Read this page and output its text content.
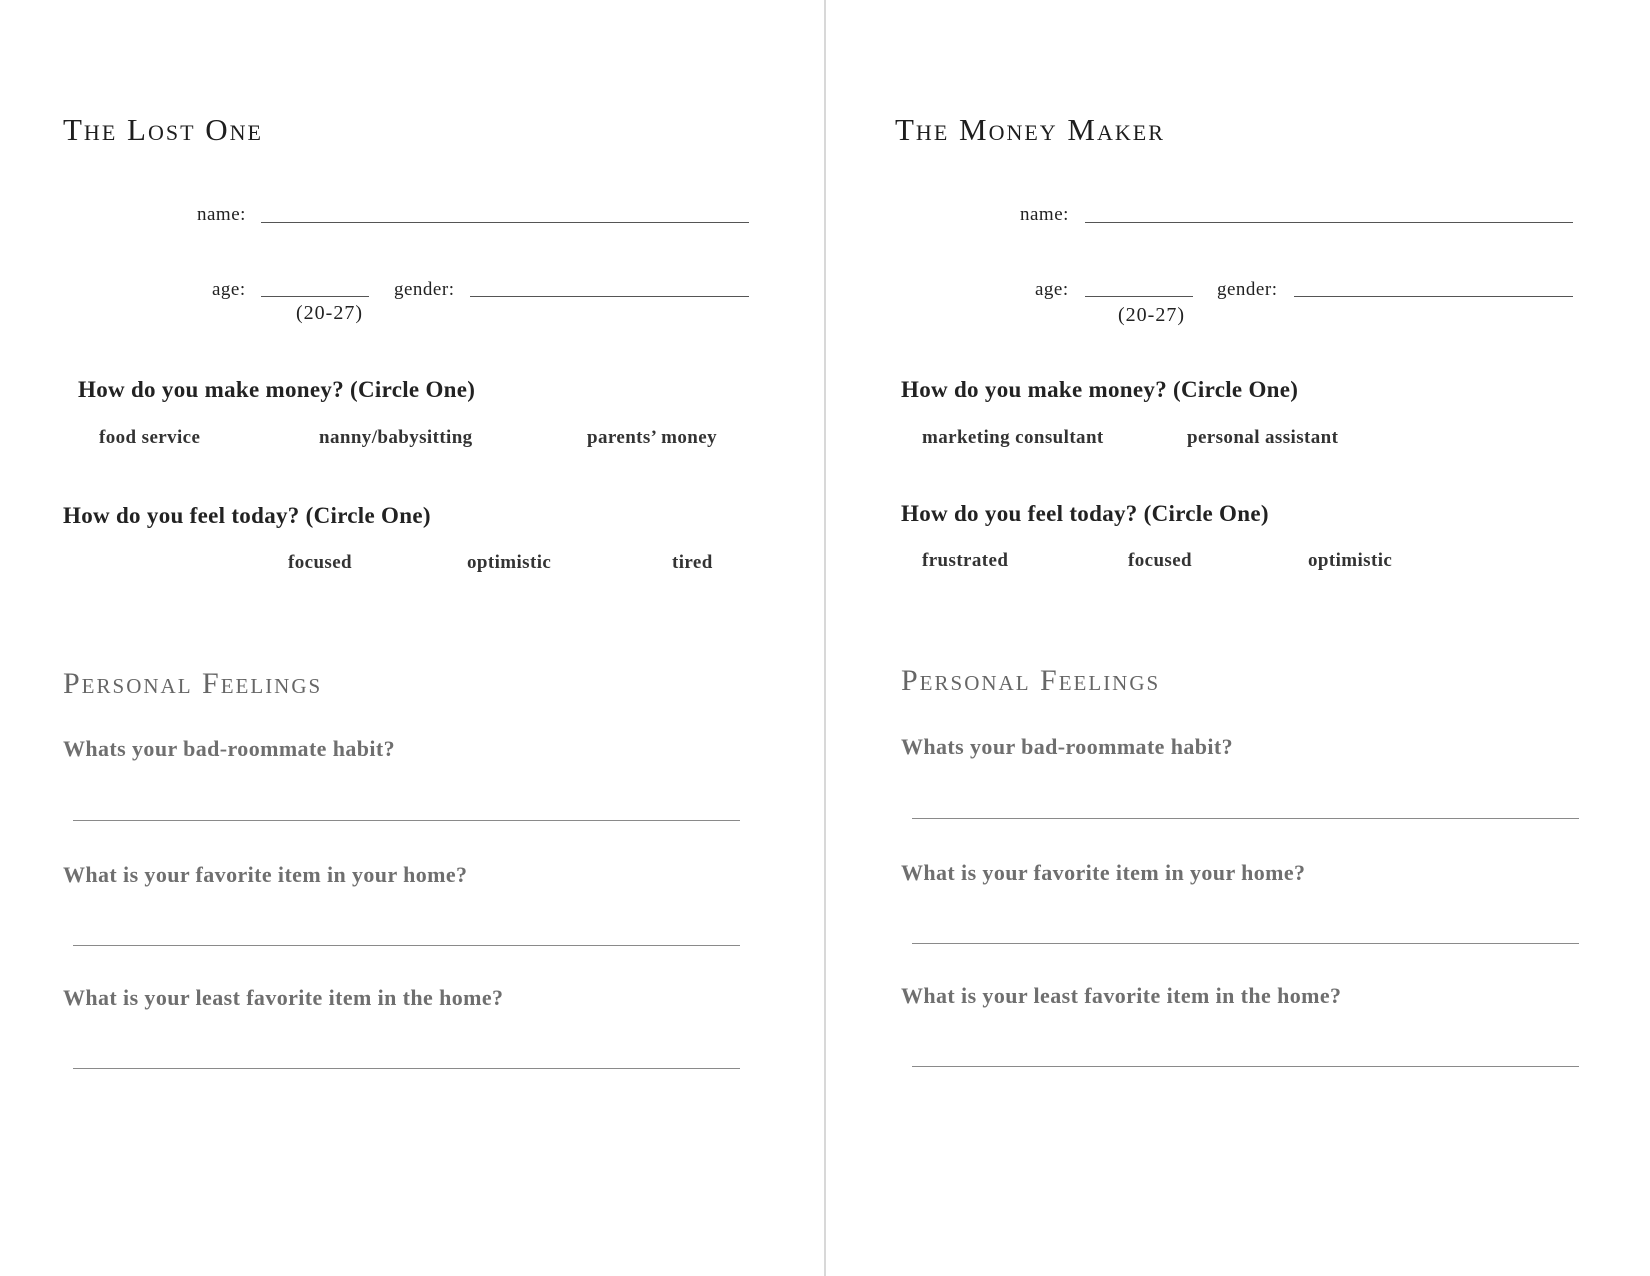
The Lost One
name:
age:
(20-27)
gender:
How do you make money? (Circle One)
food service	nanny/babysitting	parents’ money
How do you feel today? (Circle One)
focused	optimistic	tired
Personal Feelings
Whats your bad-roommate habit?
What is your favorite item in your home?
What is your least favorite item in the home?
The Money Maker
name:
age:
(20-27)
gender:
How do you make money? (Circle One)
marketing consultant	personal assistant
How do you feel today? (Circle One)
frustrated	focused	optimistic
Personal Feelings
Whats your bad-roommate habit?
What is your favorite item in your home?
What is your least favorite item in the home?
